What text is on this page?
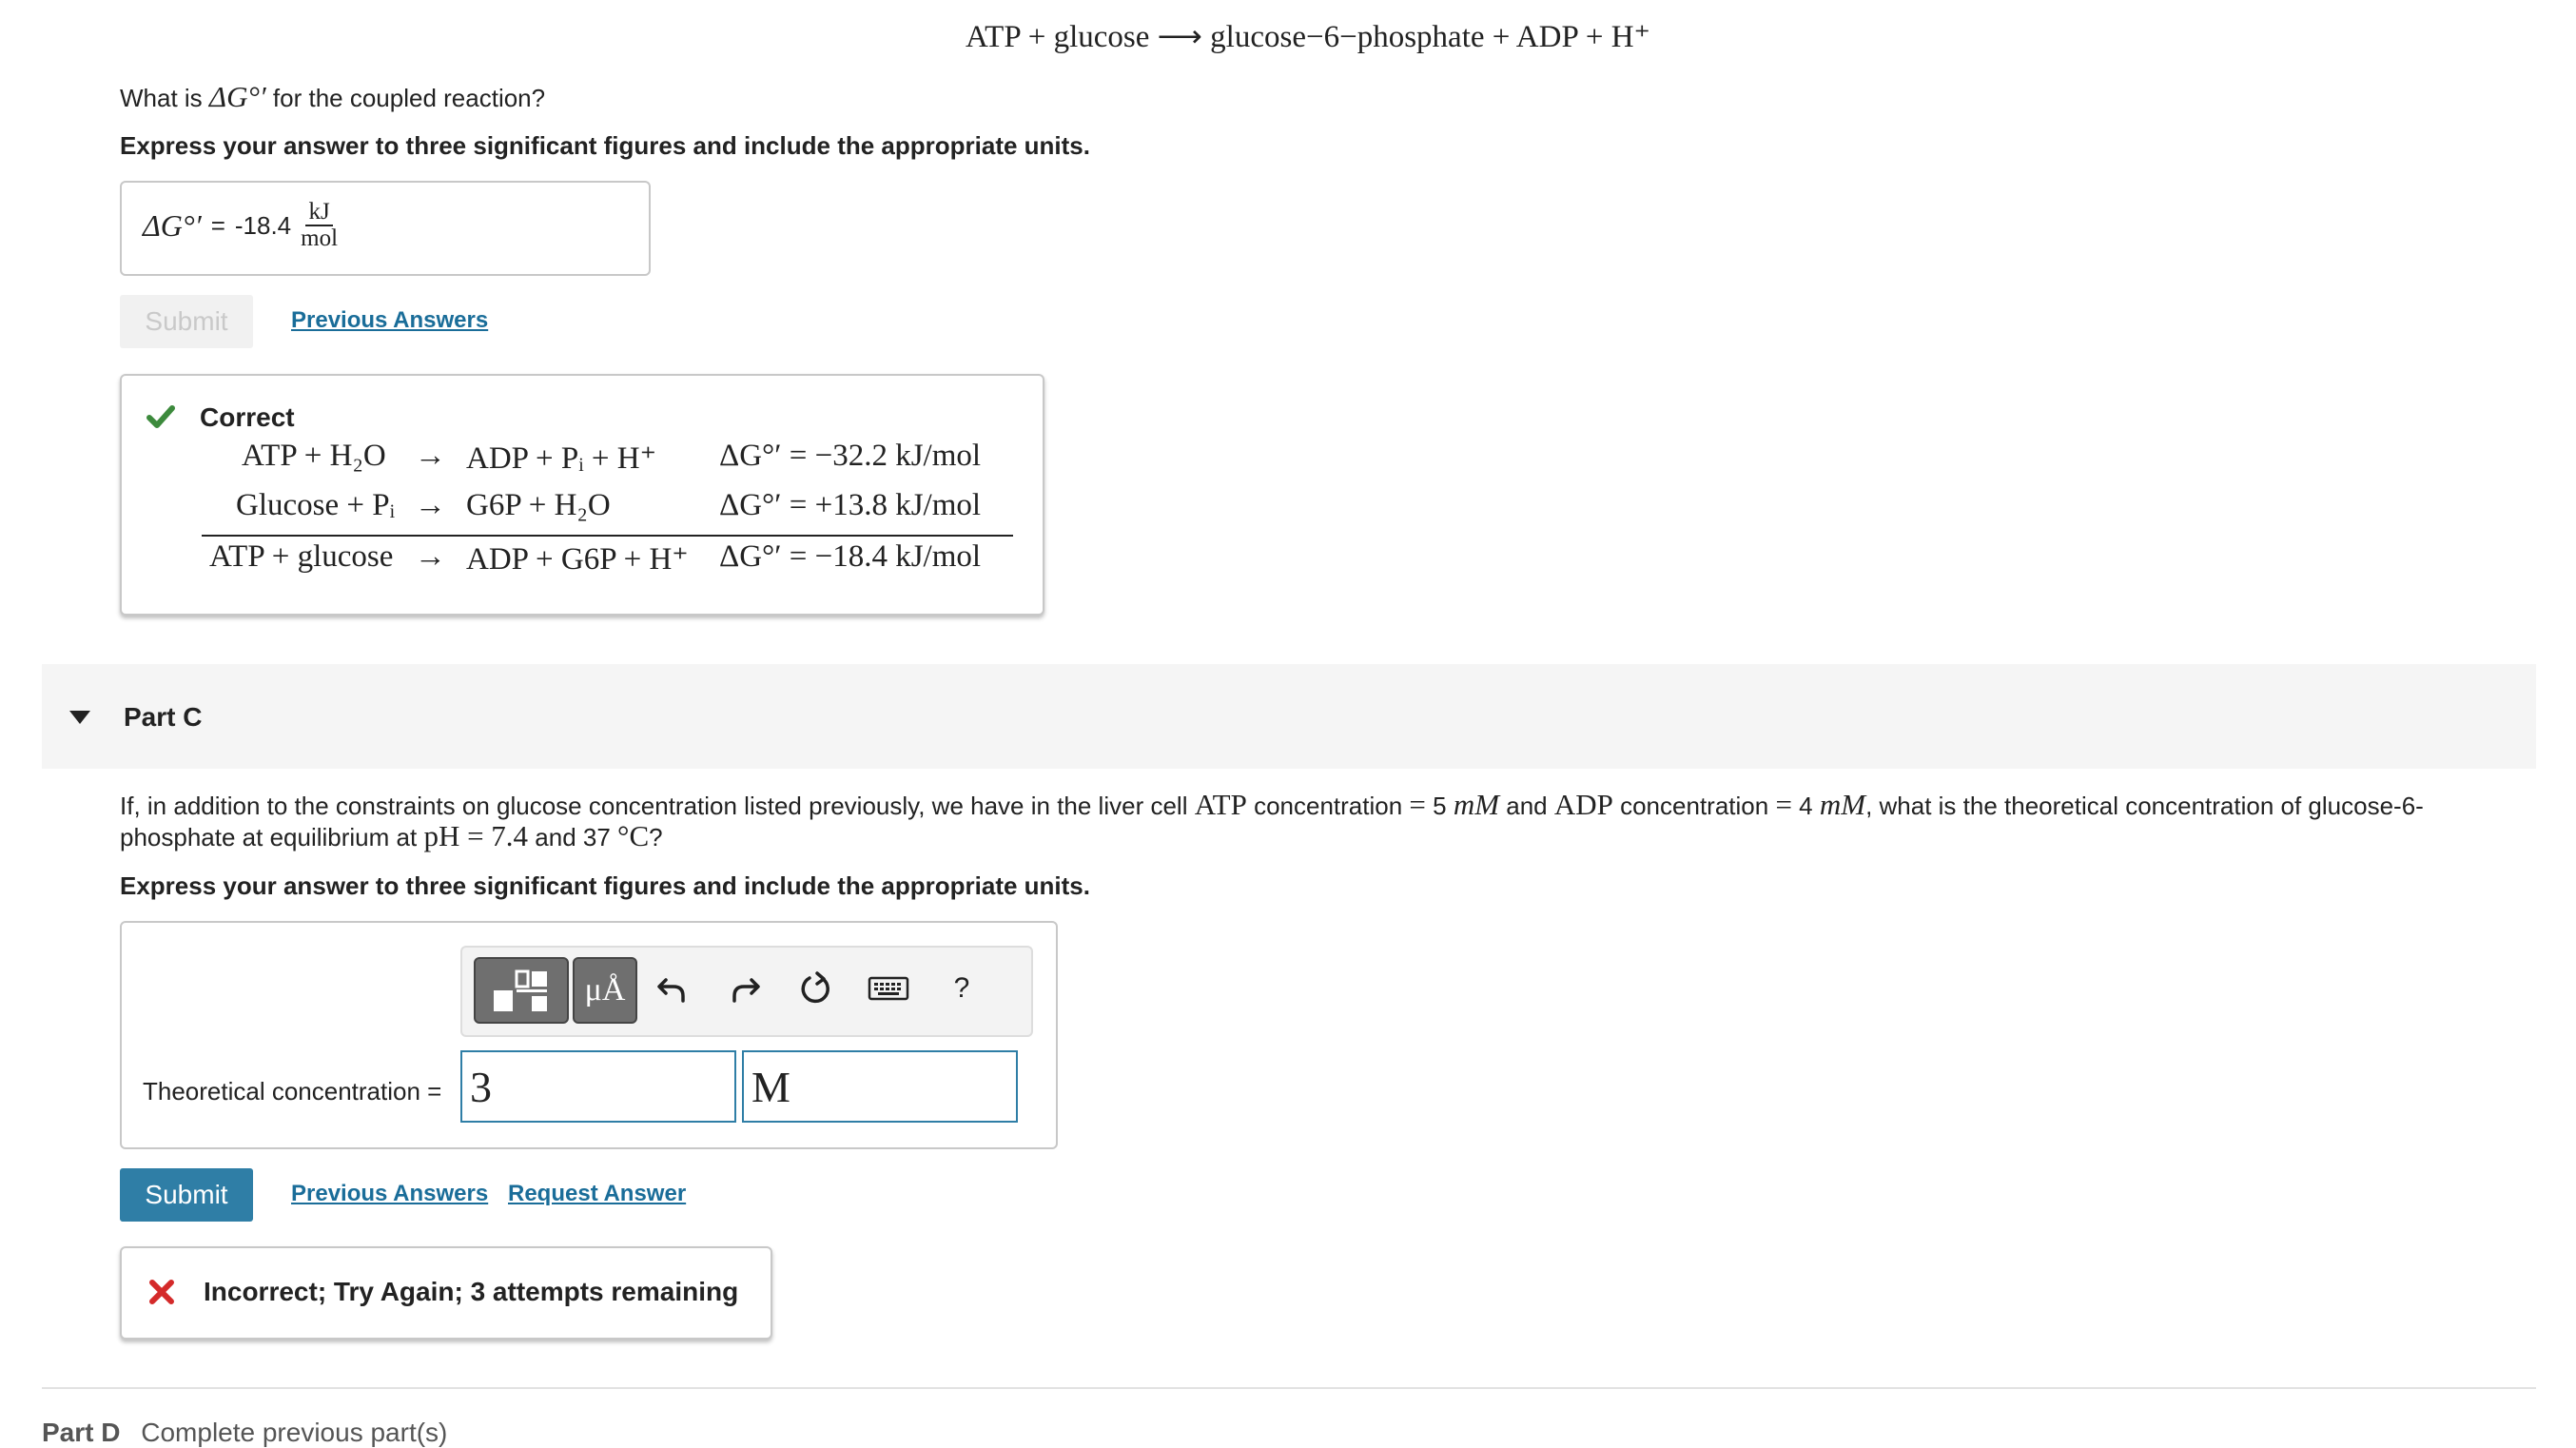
ATP + glucose ⟶ glucose−6−phosphate + ADP + H⁺
What is ΔG°′ for the coupled reaction?
Express your answer to three significant figures and include the appropriate units.
$\Delta G^\circ' = -18.4 \frac{kJ}{\text{mol}}$
Submit	Previous Answers
Correct
ATP + H₂O → ADP + Pᵢ + H⁺ ΔG°′ = −32.2 kJ/mol
Glucose + Pᵢ → G6P + H₂O	ΔG°′ = +13.8 kJ/mol
ATP + glucose → ADP + G6P + H⁺ ΔG°′ = −18.4 kJ/mol
Part C
If, in addition to the constraints on glucose concentration listed previously, we have in the liver cell ATP concentration = 5 mM and ADP concentration = 4 mM, what is the theoretical concentration of glucose-6-
phosphate at equilibrium at pH = 7.4 and 37 °C?
Express your answer to three significant figures and include the appropriate units.
μÅ	?
Theoretical concentration = 3	M
Submit	Previous Answers Request Answer
Incorrect; Try Again; 3 attempts remaining
Part D Complete previous part(s)
